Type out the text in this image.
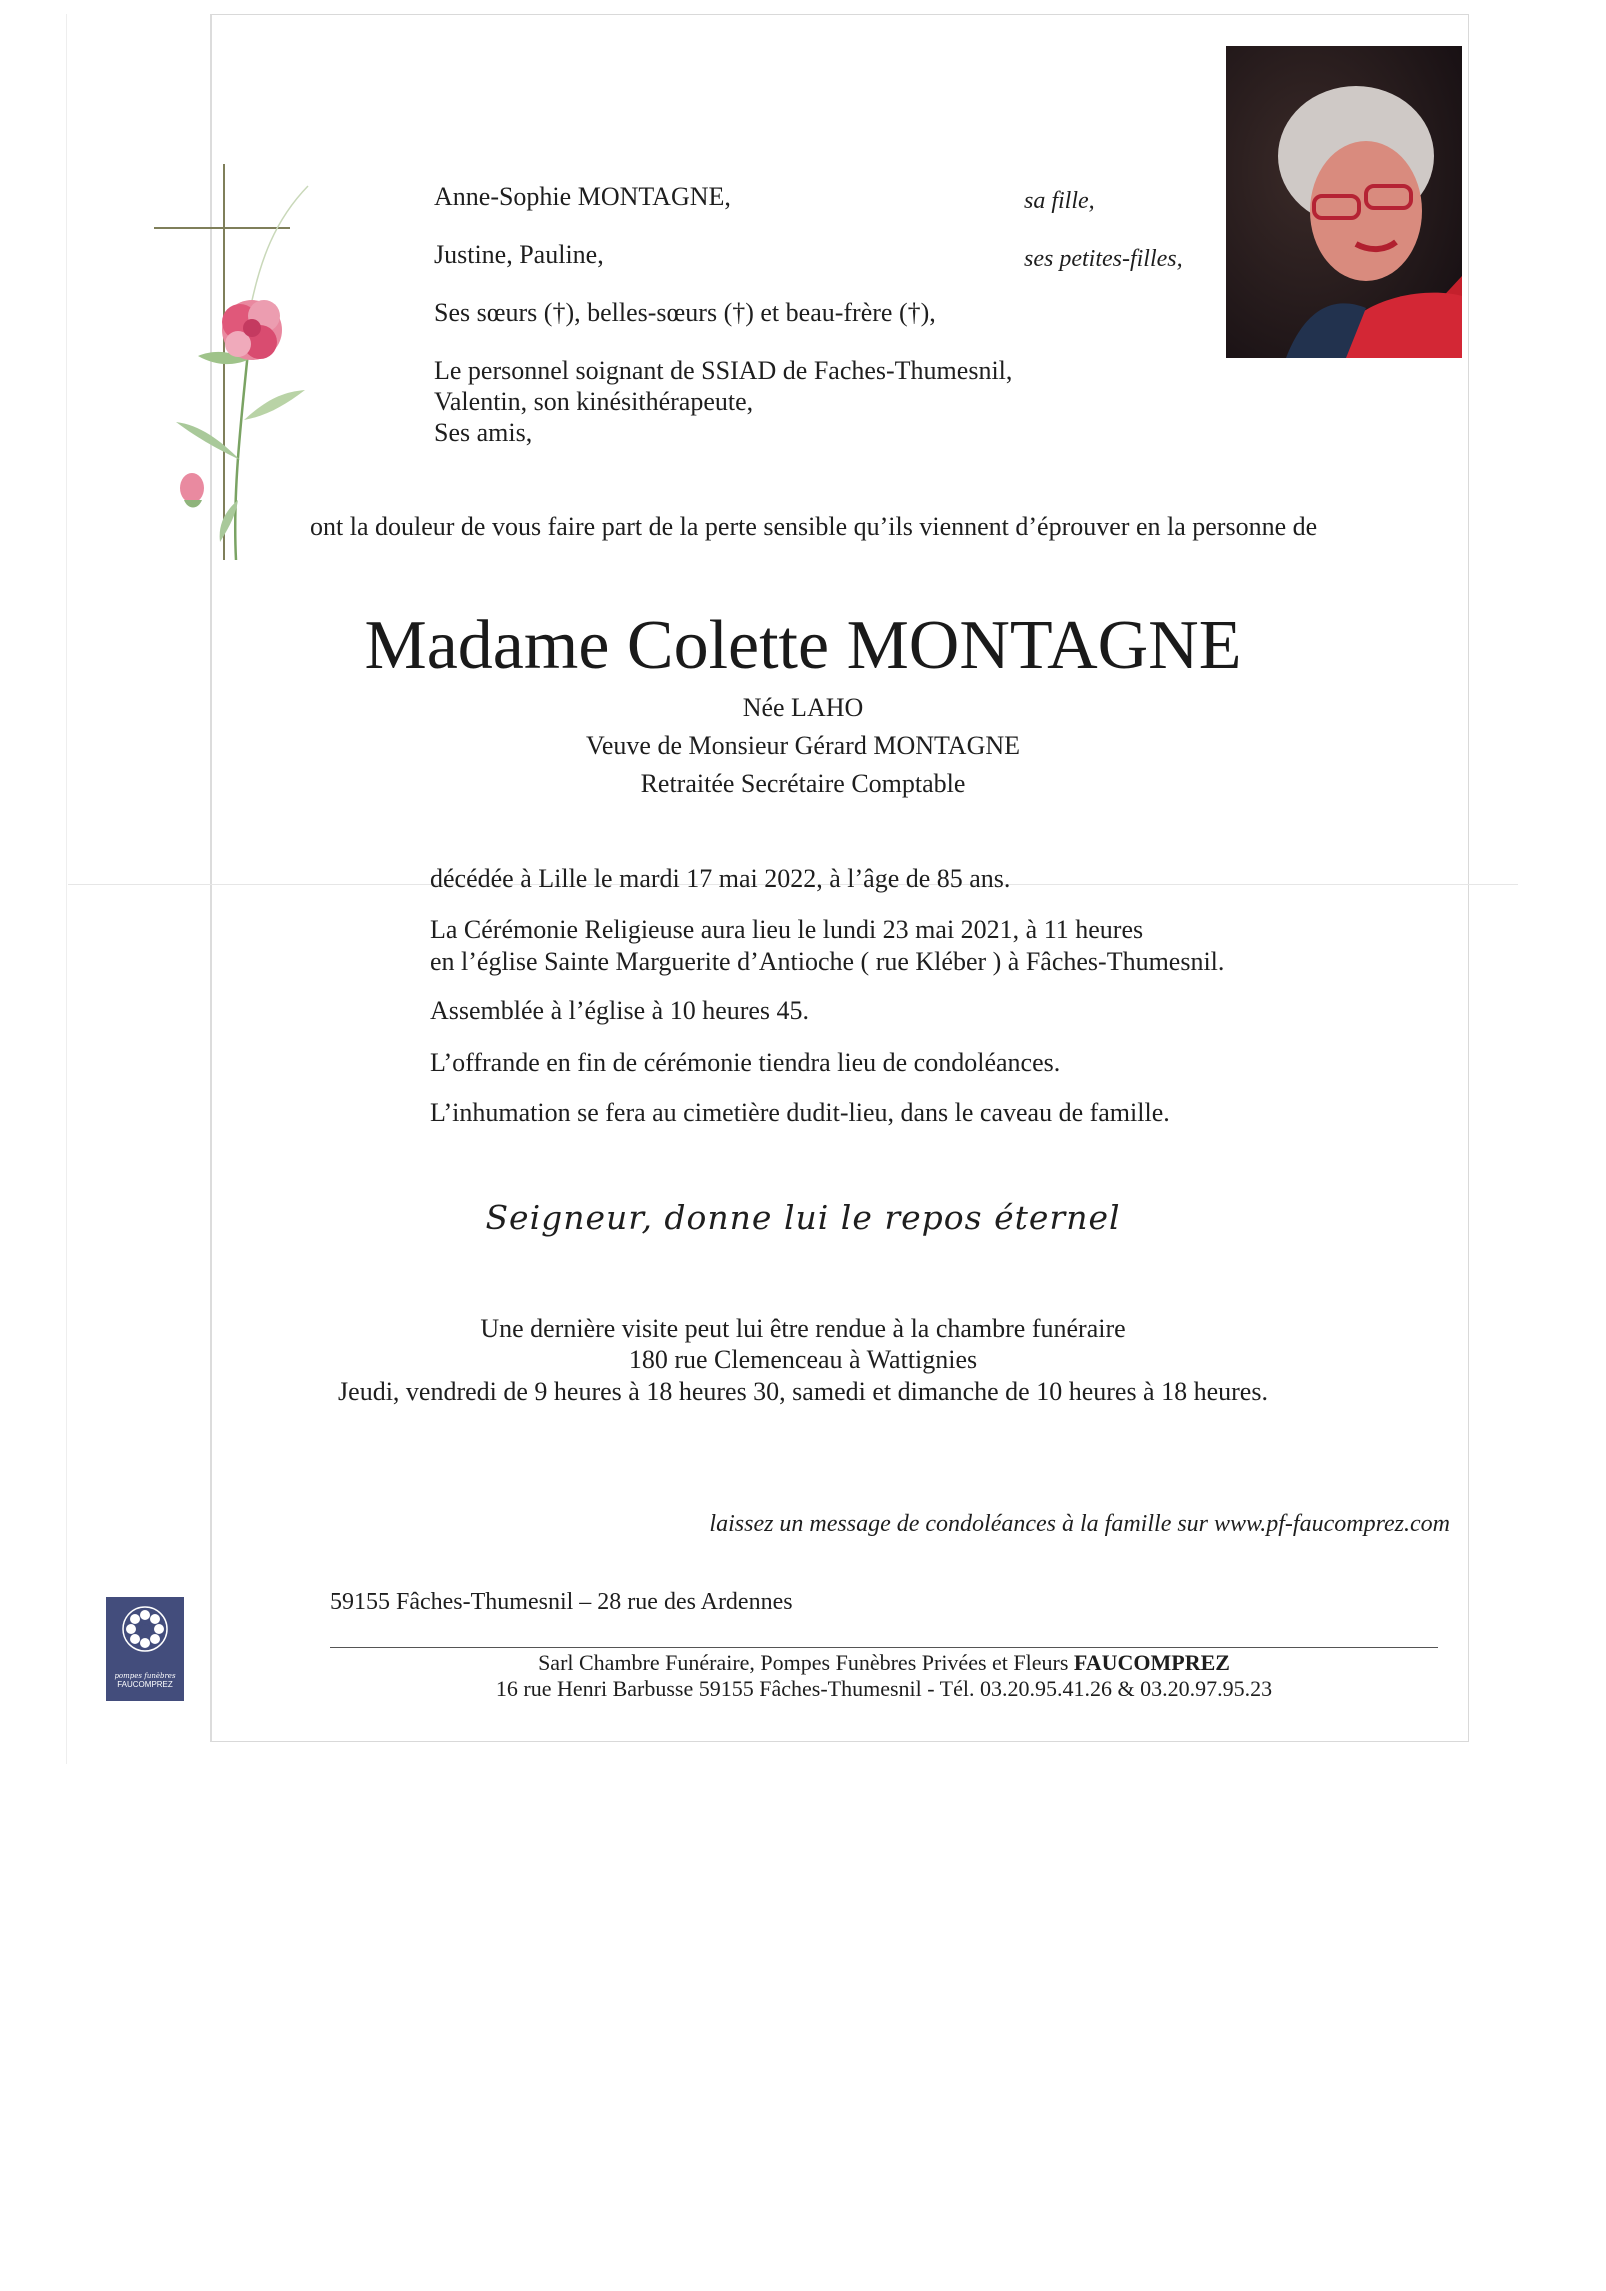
Anne-Sophie MONTAGNE,	sa fille,
Justine, Pauline,	ses petites-filles,
Ses sœurs (†), belles-sœurs (†) et beau-frère (†),
Le personnel soignant de SSIAD de Faches-Thumesnil,
Valentin, son kinésithérapeute,
Ses amis,
ont la douleur de vous faire part de la perte sensible qu’ils viennent d’éprouver en la personne de
Madame Colette MONTAGNE
Née LAHO
Veuve de Monsieur Gérard MONTAGNE
Retraitée Secrétaire Comptable
décédée à Lille le mardi 17 mai 2022, à l’âge de 85 ans.
La Cérémonie Religieuse aura lieu le lundi 23 mai 2021, à 11 heures
en l’église Sainte Marguerite d’Antioche ( rue Kléber ) à Fâches-Thumesnil.
Assemblée à l’église à 10 heures 45.
L’offrande en fin de cérémonie tiendra lieu de condoléances.
L’inhumation se fera au cimetière dudit-lieu, dans le caveau de famille.
Seigneur, donne lui le repos éternel
Une dernière visite peut lui être rendue à la chambre funéraire
180 rue Clemenceau à Wattignies
Jeudi, vendredi de 9 heures à 18 heures 30, samedi et dimanche de 10 heures à 18 heures.
laissez un message de condoléances à la famille sur www.pf-faucomprez.com
59155 Fâches-Thumesnil – 28 rue des Ardennes
Sarl Chambre Funéraire, Pompes Funèbres Privées et Fleurs FAUCOMPREZ
16 rue Henri Barbusse 59155 Fâches-Thumesnil - Tél. 03.20.95.41.26 & 03.20.97.95.23
pompes funèbres
FAUCOMPREZ
